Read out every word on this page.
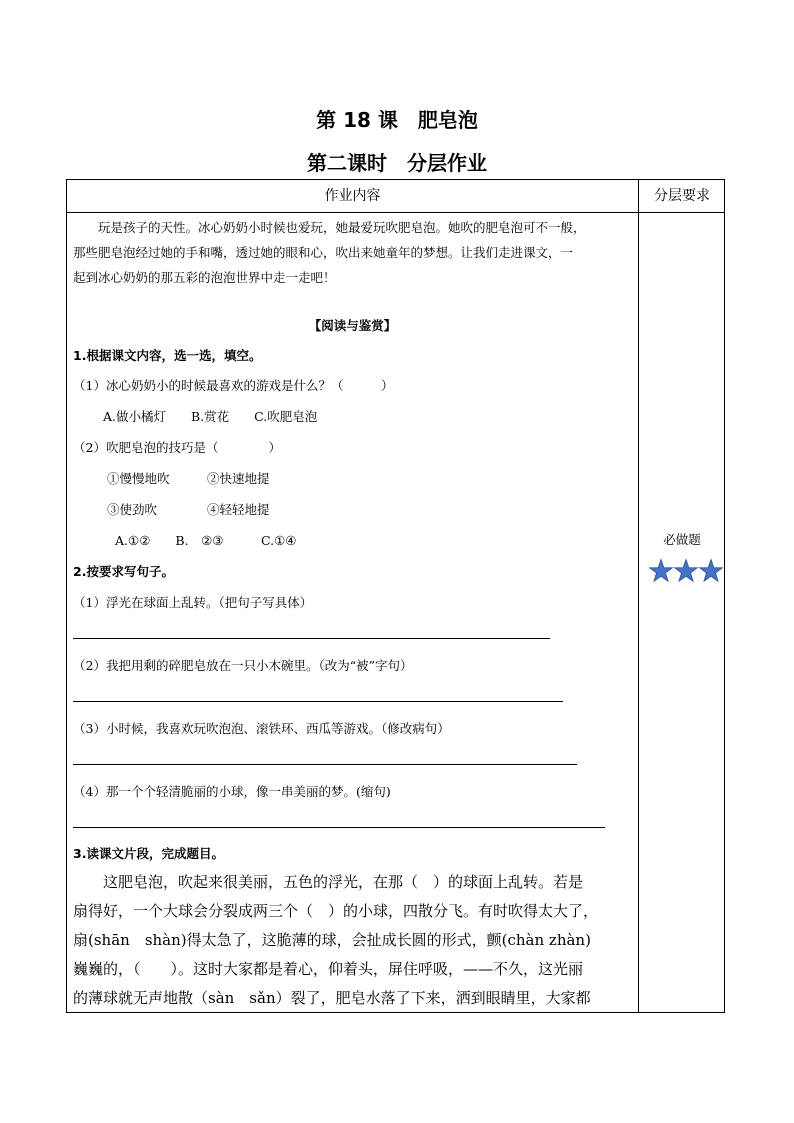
第 18 课　肥皂泡
第二课时　分层作业
作业内容	分层要求
玩是孩子的天性。冰心奶奶小时候也爱玩，她最爱玩吹肥皂泡。她吹的肥皂泡可不一般，
那些肥皂泡经过她的手和嘴，透过她的眼和心，吹出来她童年的梦想。让我们走进课文，一
起到冰心奶奶的那五彩的泡泡世界中走一走吧！
【阅读与鉴赏】
1.根据课文内容，选一选，填空。
（1）冰心奶奶小的时候最喜欢的游戏是什么？（　　　）
A.做小橘灯　　B.赏花　　C.吹肥皂泡
（2）吹肥皂泡的技巧是（　　　　）
①慢慢地吹　　　②快速地提
③使劲吹　　　　④轻轻地提
A.①②　　B.　②③　　　C.①④
2.按要求写句子。
（1）浮光在球面上乱转。（把句子写具体）
（2）我把用剩的碎肥皂放在一只小木碗里。（改为“被”字句）
（3）小时候，我喜欢玩吹泡泡、滚铁环、西瓜等游戏。（修改病句）
（4）那一个个轻清脆丽的小球，像一串美丽的梦。(缩句)
3.读课文片段，完成题目。
这肥皂泡，吹起来很美丽，五色的浮光，在那（　）的球面上乱转。若是
扇得好，一个大球会分裂成两三个（　）的小球，四散分飞。有时吹得太大了，
扇(shān　shàn)得太急了，这脆薄的球，会扯成长圆的形式，颤(chàn zhàn)
巍巍的，（　　）。这时大家都是着心，仰着头，屏住呼吸，——不久，这光丽
的薄球就无声地散（sàn　sǎn）裂了，肥皂水落了下来，洒到眼睛里，大家都
必做题
